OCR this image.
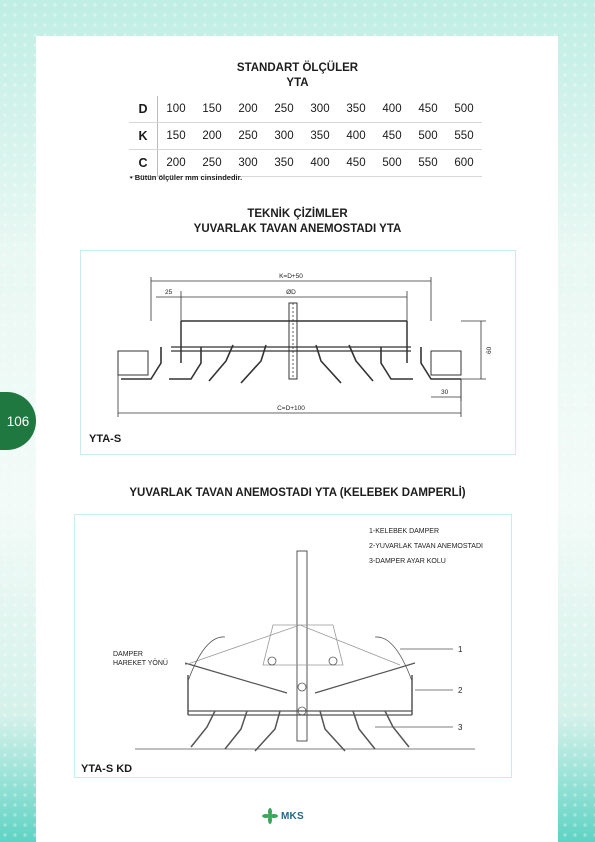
106
STANDART ÖLÇÜLER
YTA
D	100	150	200	250	300	350	400	450	500
K	150	200	250	300	350	400	450	500	550
C	200	250	300	350	400	450	500	550	600
• Bütün ölçüler mm cinsindedir.
TEKNİK ÇİZİMLER
YUVARLAK TAVAN ANEMOSTADI YTA
K=D+50
ØD
25
60
30
C=D+100
YTA-S
YUVARLAK TAVAN ANEMOSTADI YTA (KELEBEK DAMPERLİ)
1-KELEBEK DAMPER
2-YUVARLAK TAVAN ANEMOSTADI
3-DAMPER AYAR KOLU
DAMPER
HAREKET YÖNÜ
1
2
3
YTA-S KD
MKS
